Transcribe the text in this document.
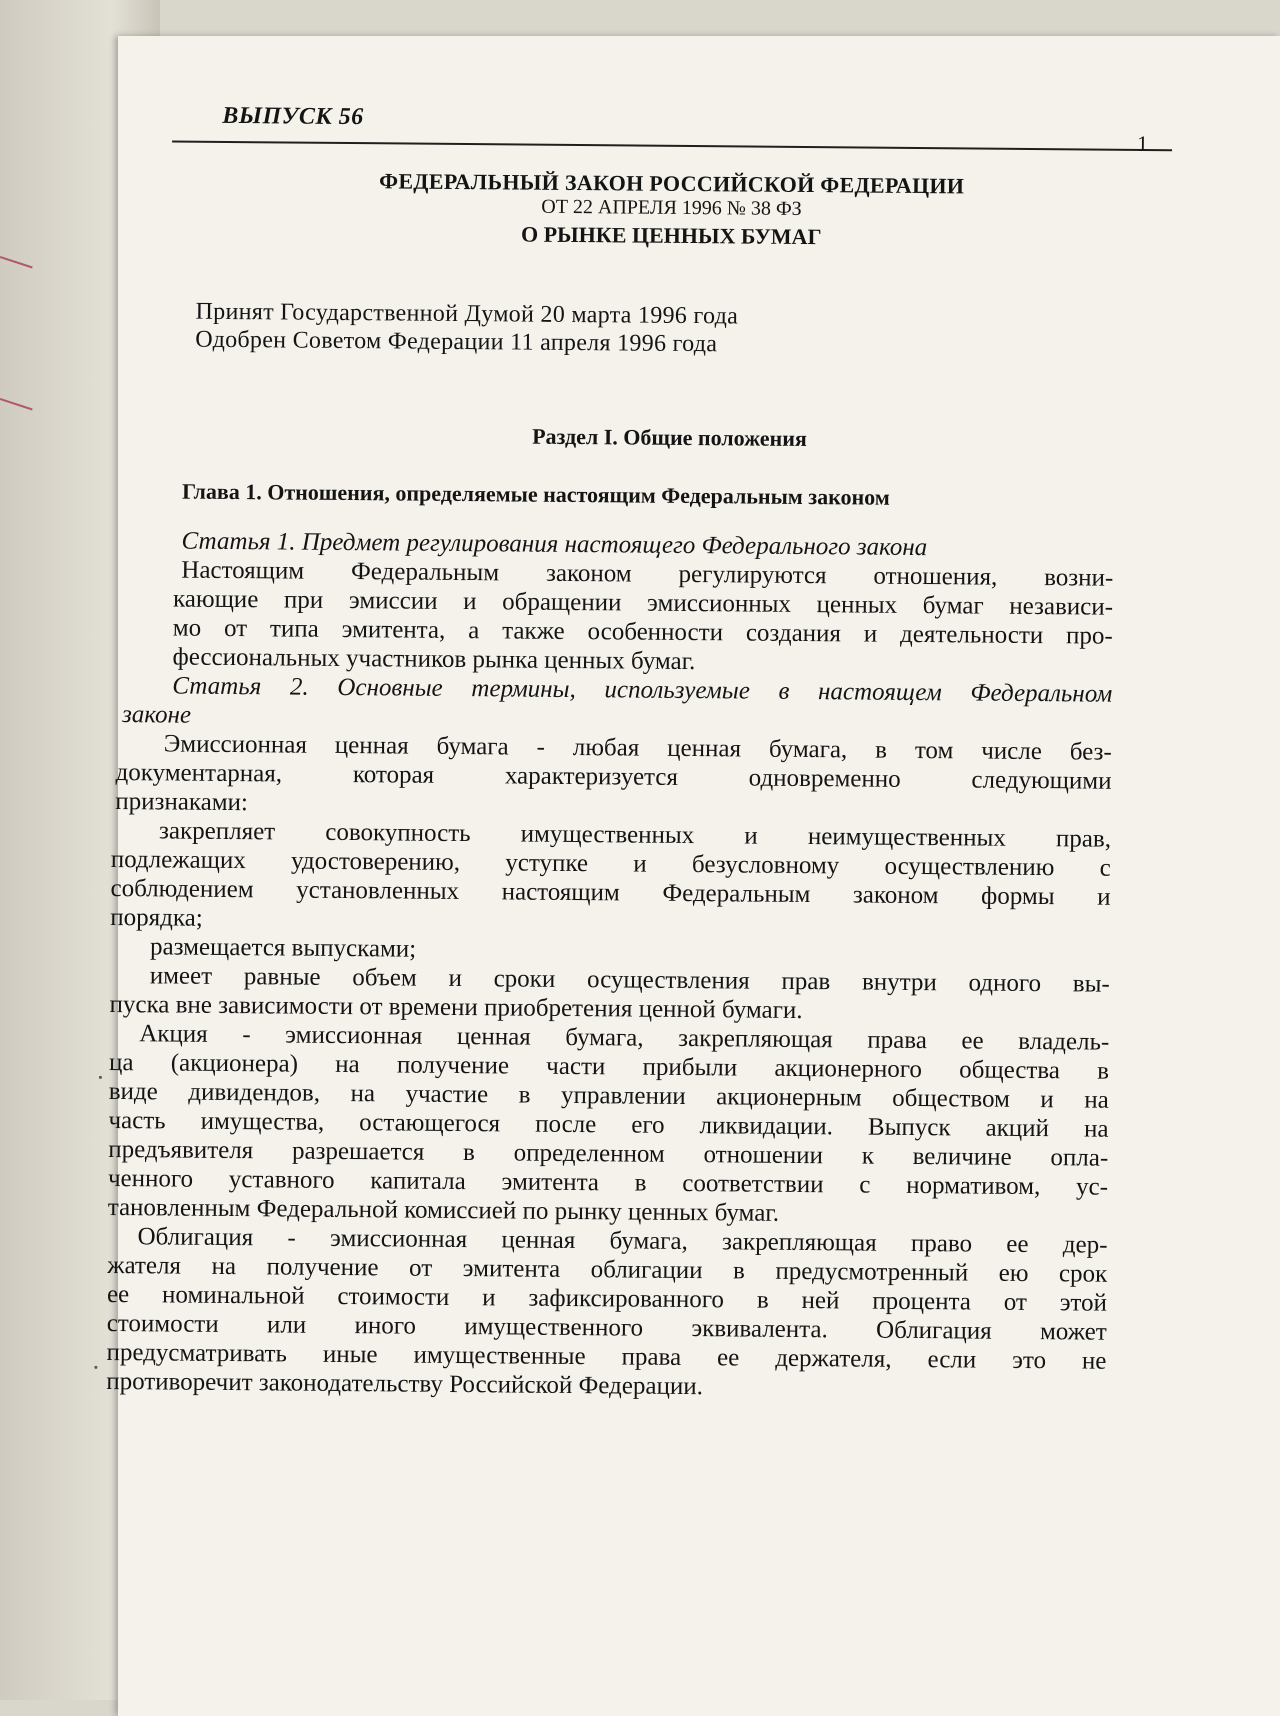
ВЫПУСК 56
1
ФЕДЕРАЛЬНЫЙ ЗАКОН РОССИЙСКОЙ ФЕДЕРАЦИИ
ОТ 22 АПРЕЛЯ 1996 № 38 ФЗ
О РЫНКЕ ЦЕННЫХ БУМАГ
Принят Государственной Думой 20 марта 1996 года
Одобрен Советом Федерации 11 апреля 1996 года
Раздел I. Общие положения
Глава 1. Отношения, определяемые настоящим Федеральным законом
Статья 1. Предмет регулирования настоящего Федерального закона
Настоящим Федеральным законом регулируются отношения, возни-
кающие при эмиссии и обращении эмиссионных ценных бумаг независи-
мо от типа эмитента, а также особенности создания и деятельности про-
фессиональных участников рынка ценных бумаг.
Статья 2. Основные термины, используемые в настоящем Федеральном
законе
Эмиссионная ценная бумага - любая ценная бумага, в том числе без-
документарная, которая характеризуется одновременно следующими
признаками:
закрепляет совокупность имущественных и неимущественных прав,
подлежащих удостоверению, уступке и безусловному осуществлению с
соблюдением установленных настоящим Федеральным законом формы и
порядка;
размещается выпусками;
имеет равные объем и сроки осуществления прав внутри одного вы-
пуска вне зависимости от времени приобретения ценной бумаги.
Акция - эмиссионная ценная бумага, закрепляющая права ее владель-
ца (акционера) на получение части прибыли акционерного общества в
виде дивидендов, на участие в управлении акционерным обществом и на
часть имущества, остающегося после его ликвидации. Выпуск акций на
предъявителя разрешается в определенном отношении к величине опла-
ченного уставного капитала эмитента в соответствии с нормативом, ус-
тановленным Федеральной комиссией по рынку ценных бумаг.
Облигация - эмиссионная ценная бумага, закрепляющая право ее дер-
жателя на получение от эмитента облигации в предусмотренный ею срок
ее номинальной стоимости и зафиксированного в ней процента от этой
стоимости или иного имущественного эквивалента. Облигация может
предусматривать иные имущественные права ее держателя, если это не
противоречит законодательству Российской Федерации.
